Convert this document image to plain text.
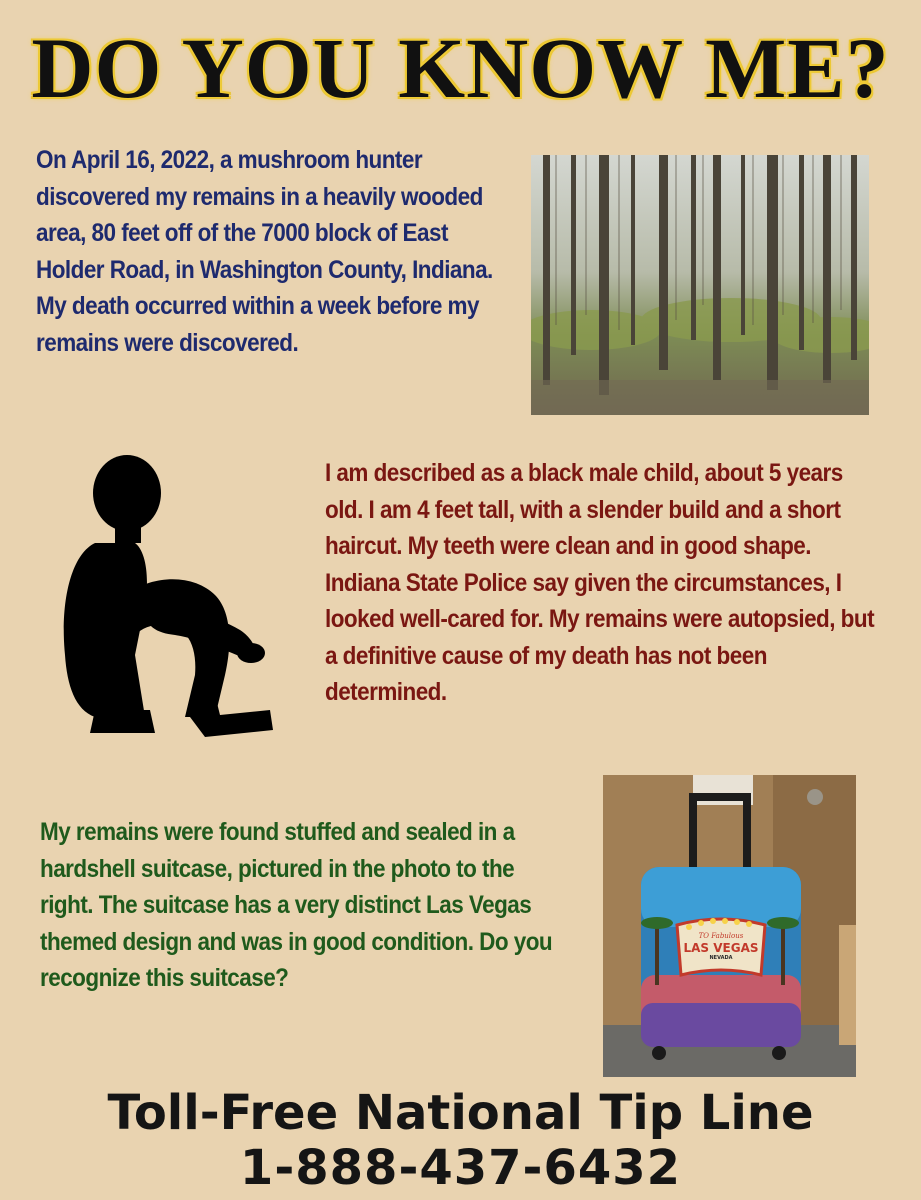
DO YOU KNOW ME?

On April 16, 2022, a mushroom hunter discovered my remains in a heavily wooded area, 80 feet off of the 7000 block of East Holder Road, in Washington County, Indiana. My death occurred within a week before my remains were discovered.

I am described as a black male child, about 5 years old. I am 4 feet tall, with a slender build and a short haircut. My teeth were clean and in good shape. Indiana State Police say given the circumstances, I looked well-cared for. My remains were autopsied, but a definitive cause of my death has not been determined.

My remains were found stuffed and sealed in a hardshell suitcase, pictured in the photo to the right. The suitcase has a very distinct Las Vegas themed design and was in good condition. Do you recognize this suitcase?

TO Fabulous
LAS VEGAS
NEVADA
Toll-Free National Tip Line
1-888-437-6432
